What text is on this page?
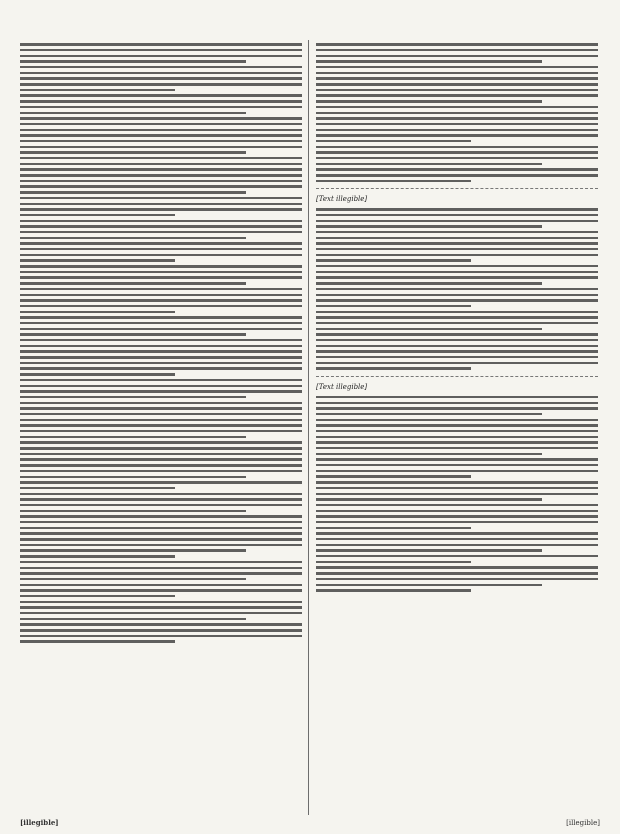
[Text illegible]
[Text illegible]
[illegible]	[illegible]
